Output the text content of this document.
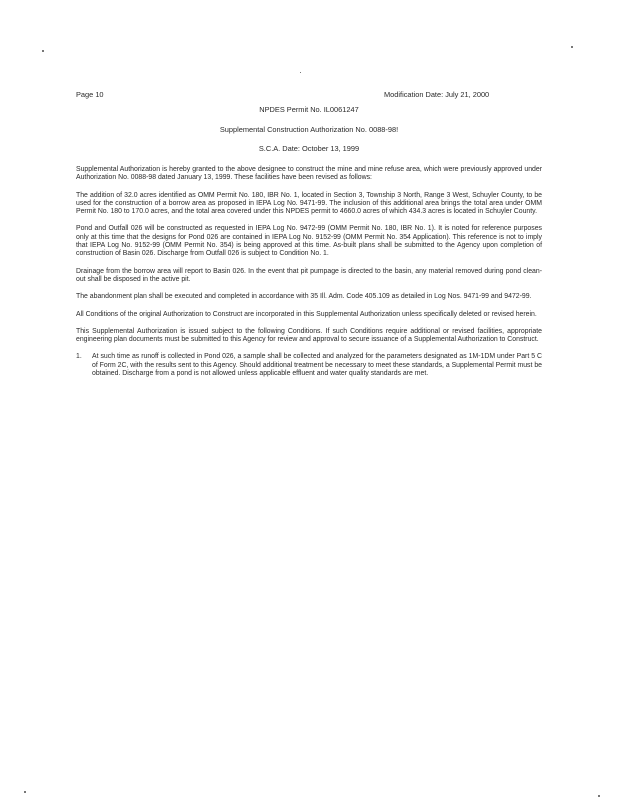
Page 10	Modification Date: July 21, 2000
NPDES Permit No. IL0061247
Supplemental Construction Authorization No. 0088-98!
S.C.A. Date: October 13, 1999

Supplemental Authorization is hereby granted to the above designee to construct the mine and mine refuse area, which were previously approved under Authorization No. 0088-98 dated January 13, 1999. These facilities have been revised as follows:

The addition of 32.0 acres identified as OMM Permit No. 180, IBR No. 1, located in Section 3, Township 3 North, Range 3 West, Schuyler County, to be used for the construction of a borrow area as proposed in IEPA Log No. 9471-99. The inclusion of this additional area brings the total area under OMM Permit No. 180 to 170.0 acres, and the total area covered under this NPDES permit to 4660.0 acres of which 434.3 acres is located in Schuyler County.

Pond and Outfall 026 will be constructed as requested in IEPA Log No. 9472-99 (OMM Permit No. 180, IBR No. 1). It is noted for reference purposes only at this time that the designs for Pond 026 are contained in IEPA Log No. 9152-99 (OMM Permit No. 354 Application). This reference is not to imply that IEPA Log No. 9152-99 (OMM Permit No. 354) is being approved at this time. As-built plans shall be submitted to the Agency upon completion of construction of Basin 026. Discharge from Outfall 026 is subject to Condition No. 1.

Drainage from the borrow area will report to Basin 026. In the event that pit pumpage is directed to the basin, any material removed during pond clean-out shall be disposed in the active pit.

The abandonment plan shall be executed and completed in accordance with 35 Ill. Adm. Code 405.109 as detailed in Log Nos. 9471-99 and 9472-99.

All Conditions of the original Authorization to Construct are incorporated in this Supplemental Authorization unless specifically deleted or revised herein.

This Supplemental Authorization is issued subject to the following Conditions. If such Conditions require additional or revised facilities, appropriate engineering plan documents must be submitted to this Agency for review and approval to secure issuance of a Supplemental Authorization to Construct.

1.	At such time as runoff is collected in Pond 026, a sample shall be collected and analyzed for the parameters designated as 1M-1DM under Part 5 C of Form 2C, with the results sent to this Agency. Should additional treatment be necessary to meet these standards, a Supplemental Permit must be obtained. Discharge from a pond is not allowed unless applicable effluent and water quality standards are met.
